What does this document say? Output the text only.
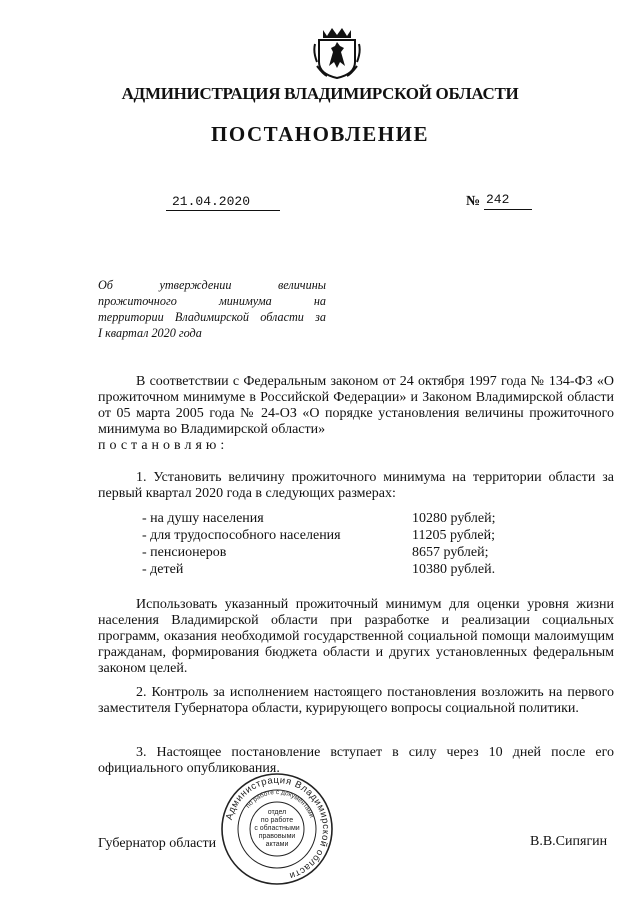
АДМИНИСТРАЦИЯ ВЛАДИМИРСКОЙ ОБЛАСТИ
ПОСТАНОВЛЕНИЕ
21.04.2020	№ 242
Об утверждении величины
прожиточного минимума на
территории Владимирской области за
I квартал 2020 года
В соответствии с Федеральным законом от 24 октября 1997 года № 134-ФЗ «О прожиточном минимуме в Российской Федерации» и Законом Владимирской области от 05 марта 2005 года № 24-ОЗ «О порядке установления величины прожиточного минимума во Владимирской области»
постановляю:
1. Установить величину прожиточного минимума на территории области за первый квартал 2020 года в следующих размерах:
- на душу населения	10280 рублей;
- для трудоспособного населения	11205 рублей;
- пенсионеров	8657 рублей;
- детей	10380 рублей.
Использовать указанный прожиточный минимум для оценки уровня жизни населения Владимирской области при разработке и реализации социальных программ, оказания необходимой государственной социальной помощи малоимущим гражданам, формирования бюджета области и других установленных федеральным законом целей.
2. Контроль за исполнением настоящего постановления возложить на первого заместителя Губернатора области, курирующего вопросы социальной политики.
3. Настоящее постановление вступает в силу через 10 дней после его официального опубликования.
Губернатор области	В.В.Сипягин
Администрация Владимирской области
по работе с документами
отдел
по работе
с областными
правовыми
актами
